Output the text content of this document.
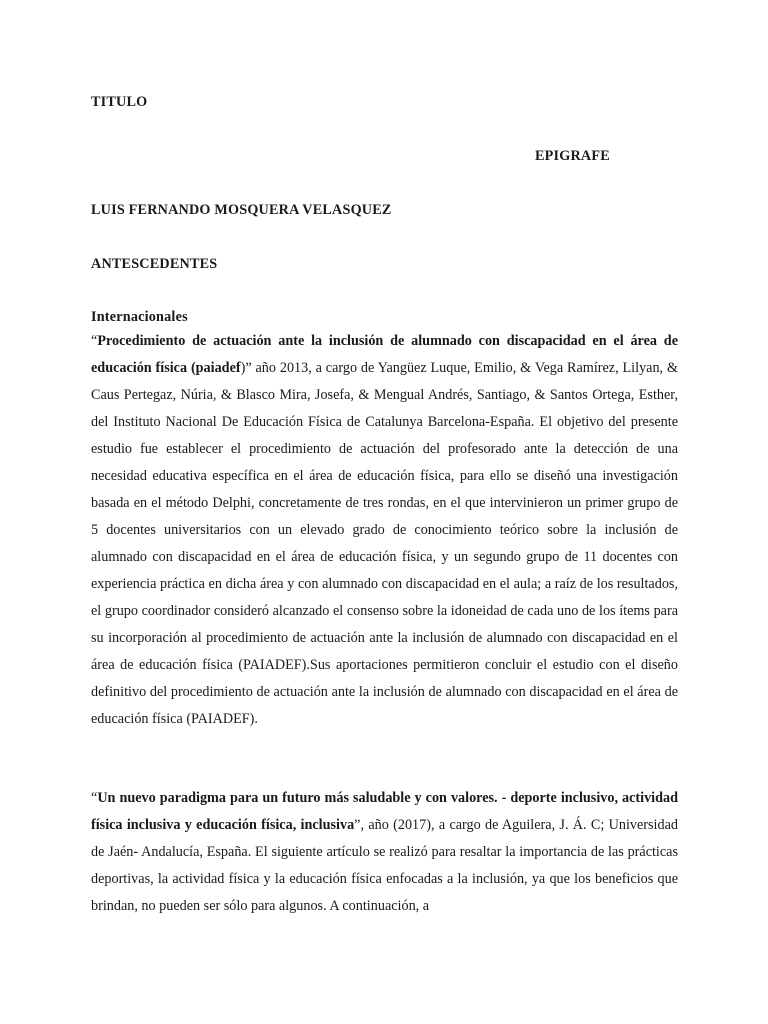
TITULO
EPIGRAFE
LUIS FERNANDO MOSQUERA VELASQUEZ
ANTESCEDENTES
Internacionales
“Procedimiento de actuación ante la inclusión de alumnado con discapacidad en el área de educación física (paiadef)” año 2013, a cargo de Yangüez Luque, Emilio, & Vega Ramírez, Lilyan, & Caus Pertegaz, Núria, & Blasco Mira, Josefa, & Mengual Andrés, Santiago, & Santos Ortega, Esther, del Instituto Nacional De Educación Física de Catalunya Barcelona-España. El objetivo del presente estudio fue establecer el procedimiento de actuación del profesorado ante la detección de una necesidad educativa específica en el área de educación física, para ello se diseñó una investigación basada en el método Delphi, concretamente de tres rondas, en el que intervinieron un primer grupo de 5 docentes universitarios con un elevado grado de conocimiento teórico sobre la inclusión de alumnado con discapacidad en el área de educación física, y un segundo grupo de 11 docentes con experiencia práctica en dicha área y con alumnado con discapacidad en el aula; a raíz de los resultados, el grupo coordinador consideró alcanzado el consenso sobre la idoneidad de cada uno de los ítems para su incorporación al procedimiento de actuación ante la inclusión de alumnado con discapacidad en el área de educación física (PAIADEF).Sus aportaciones permitieron concluir el estudio con el diseño definitivo del procedimiento de actuación ante la inclusión de alumnado con discapacidad en el área de educación física (PAIADEF).
“Un nuevo paradigma para un futuro más saludable y con valores. - deporte inclusivo, actividad física inclusiva y educación física, inclusiva”, año (2017), a cargo de Aguilera, J. Á. C; Universidad de Jaén- Andalucía, España. El siguiente artículo se realizó para resaltar la importancia de las prácticas deportivas, la actividad física y la educación física enfocadas a la inclusión, ya que los beneficios que brindan, no pueden ser sólo para algunos. A continuación, a
